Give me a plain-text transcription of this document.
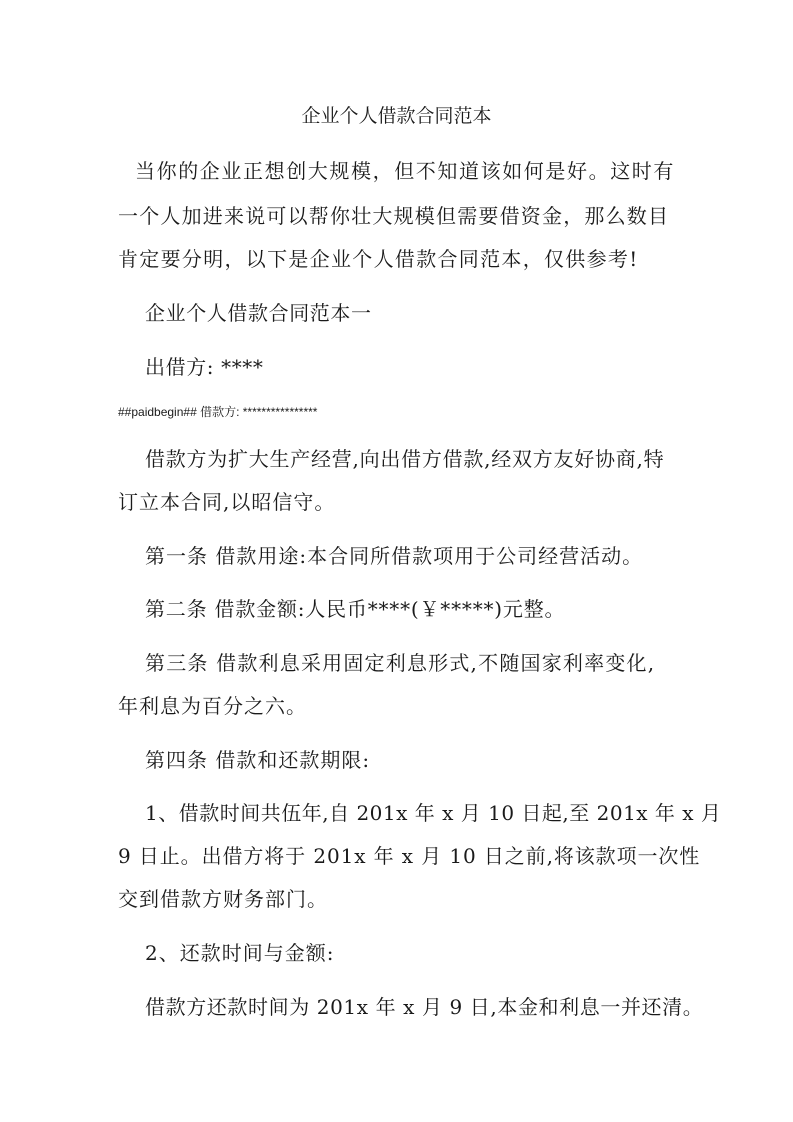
企业个人借款合同范本
当你的企业正想创大规模，但不知道该如何是好。这时有
一个人加进来说可以帮你壮大规模但需要借资金，那么数目
肯定要分明，以下是企业个人借款合同范本，仅供参考!
企业个人借款合同范本一
出借方: ****
##paidbegin## 借款方: ****************
借款方为扩大生产经营,向出借方借款,经双方友好协商,特
订立本合同,以昭信守。
第一条 借款用途:本合同所借款项用于公司经营活动。
第二条 借款金额:人民币****(￥*****)元整。
第三条 借款利息采用固定利息形式,不随国家利率变化,
年利息为百分之六。
第四条 借款和还款期限:
1、借款时间共伍年,自 201x 年 x 月 10 日起,至 201x 年 x 月
9 日止。出借方将于 201x 年 x 月 10 日之前,将该款项一次性
交到借款方财务部门。
2、还款时间与金额:
借款方还款时间为 201x 年 x 月 9 日,本金和利息一并还清。
